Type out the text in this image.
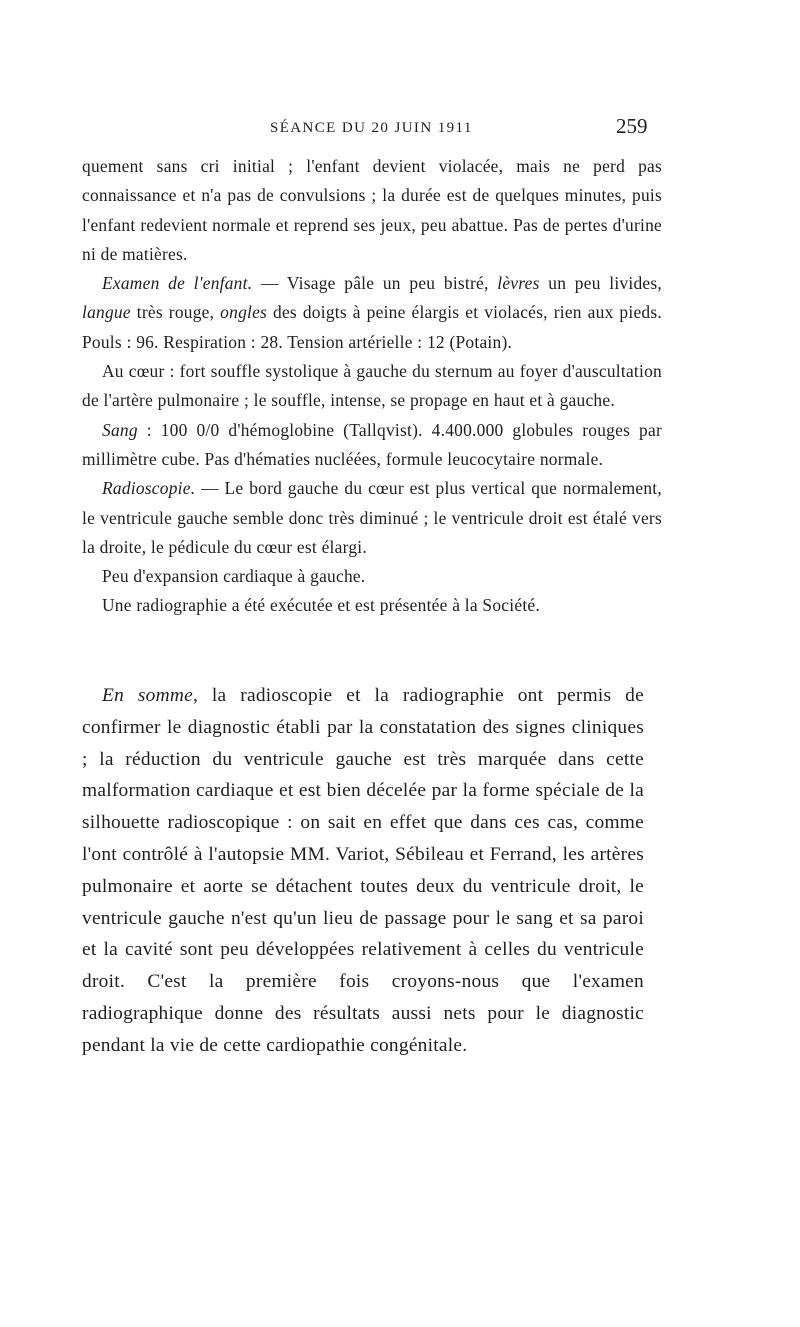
SÉANCE DU 20 JUIN 1911	259

quement sans cri initial ; l'enfant devient violacée, mais ne perd pas connaissance et n'a pas de convulsions ; la durée est de quelques minutes, puis l'enfant redevient normale et reprend ses jeux, peu abattue. Pas de pertes d'urine ni de matières.

Examen de l'enfant. — Visage pâle un peu bistré, lèvres un peu livides, langue très rouge, ongles des doigts à peine élargis et violacés, rien aux pieds. Pouls : 96. Respiration : 28. Tension artérielle : 12 (Potain).

Au cœur : fort souffle systolique à gauche du sternum au foyer d'auscultation de l'artère pulmonaire ; le souffle, intense, se propage en haut et à gauche.

Sang : 100 0/0 d'hémoglobine (Tallqvist). 4.400.000 globules rouges par millimètre cube. Pas d'hématies nucléées, formule leucocytaire normale.

Radioscopie. — Le bord gauche du cœur est plus vertical que normalement, le ventricule gauche semble donc très diminué ; le ventricule droit est étalé vers la droite, le pédicule du cœur est élargi.

Peu d'expansion cardiaque à gauche.

Une radiographie a été exécutée et est présentée à la Société.

En somme, la radioscopie et la radiographie ont permis de confirmer le diagnostic établi par la constatation des signes cliniques ; la réduction du ventricule gauche est très marquée dans cette malformation cardiaque et est bien décelée par la forme spéciale de la silhouette radioscopique : on sait en effet que dans ces cas, comme l'ont contrôlé à l'autopsie MM. Variot, Sébileau et Ferrand, les artères pulmonaire et aorte se détachent toutes deux du ventricule droit, le ventricule gauche n'est qu'un lieu de passage pour le sang et sa paroi et la cavité sont peu développées relativement à celles du ventricule droit. C'est la première fois croyons-nous que l'examen radiographique donne des résultats aussi nets pour le diagnostic pendant la vie de cette cardiopathie congénitale.
